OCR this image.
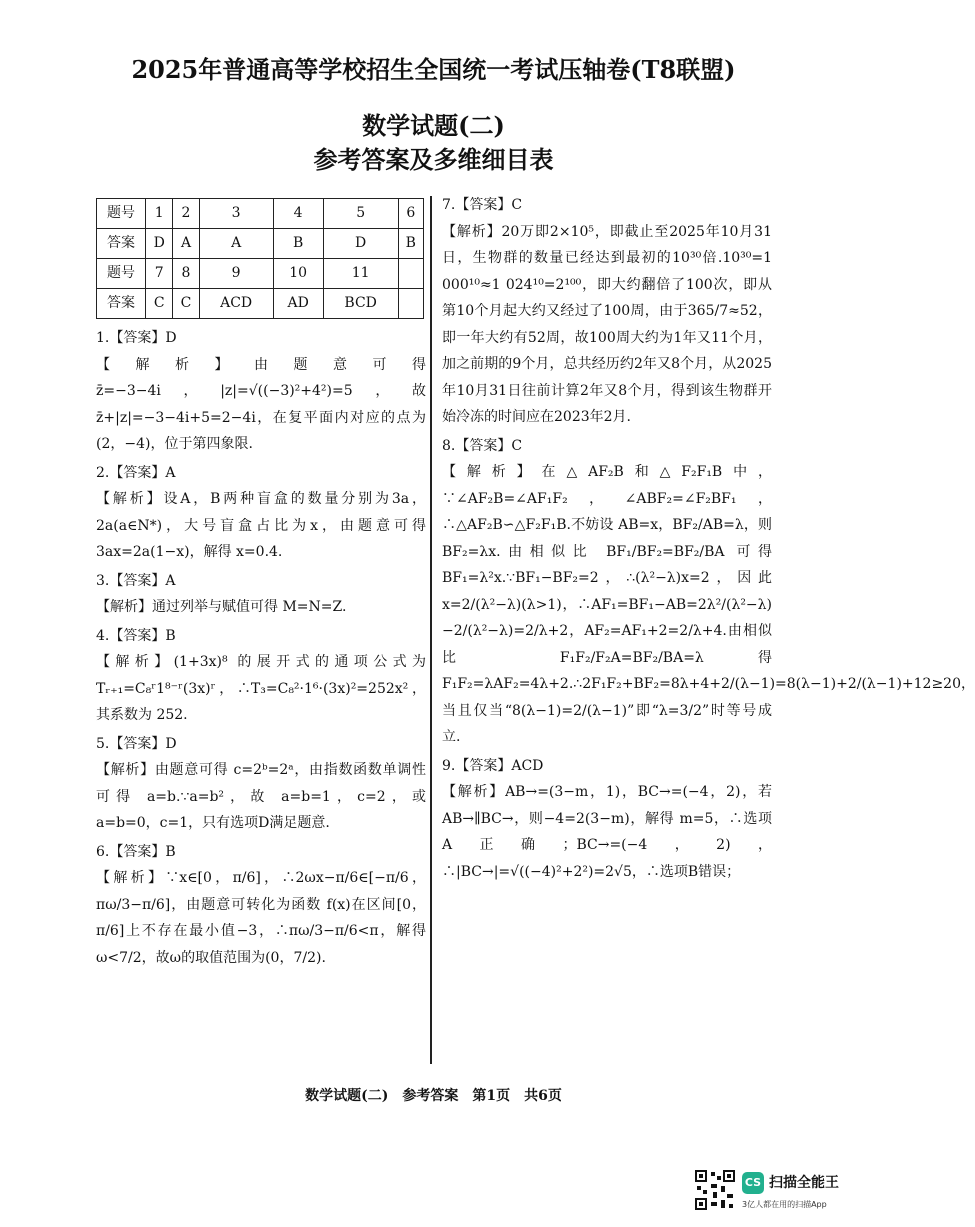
2025年普通高等学校招生全国统一考试压轴卷(T8联盟)
数学试题(二)
参考答案及多维细目表
题号	1	2	3	4	5	6
答案	D	A	A	B	D	B
题号	7	8	9	10	11	
答案	C	C	ACD	AD	BCD	
1.【答案】D
【解析】由题意可得 z̄=−3−4i，|z|=√((−3)²+4²)=5，故 z̄+|z|=−3−4i+5=2−4i，在复平面内对应的点为(2，−4)，位于第四象限.
2.【答案】A
【解析】设A，B两种盲盒的数量分别为3a，2a(a∈N*)，大号盲盒占比为x，由题意可得 3ax=2a(1−x)，解得 x=0.4.
3.【答案】A
【解析】通过列举与赋值可得 M=N=Z.
4.【答案】B
【解析】(1+3x)⁸ 的展开式的通项公式为 Tᵣ₊₁=C₈ʳ1⁸⁻ʳ(3x)ʳ，∴T₃=C₈²·1⁶·(3x)²=252x²，其系数为 252.
5.【答案】D
【解析】由题意可得 c=2ᵇ=2ᵃ，由指数函数单调性可得 a=b.∵a=b²，故 a=b=1，c=2，或 a=b=0，c=1，只有选项D满足题意.
6.【答案】B
【解析】∵x∈[0，π/6]，∴2ωx−π/6∈[−π/6，πω/3−π/6]，由题意可转化为函数 f(x)在区间[0，π/6]上不存在最小值−3，∴πω/3−π/6<π，解得 ω<7/2，故ω的取值范围为(0，7/2).
7.【答案】C
【解析】20万即2×10⁵，即截止至2025年10月31日，生物群的数量已经达到最初的10³⁰倍.10³⁰=1 000¹⁰≈1 024¹⁰=2¹⁰⁰，即大约翻倍了100次，即从第10个月起大约又经过了100周，由于365/7≈52，即一年大约有52周，故100周大约为1年又11个月，加之前期的9个月，总共经历约2年又8个月，从2025年10月31日往前计算2年又8个月，得到该生物群开始冷冻的时间应在2023年2月.
8.【答案】C
【解析】在△AF₂B和△F₂F₁B中，∵∠AF₂B=∠AF₁F₂，∠ABF₂=∠F₂BF₁，∴△AF₂B∽△F₂F₁B.不妨设 AB=x，BF₂/AB=λ，则 BF₂=λx.由相似比 BF₁/BF₂=BF₂/BA 可得 BF₁=λ²x.∵BF₁−BF₂=2，∴(λ²−λ)x=2，因此 x=2/(λ²−λ)(λ>1)，∴AF₁=BF₁−AB=2λ²/(λ²−λ)−2/(λ²−λ)=2/λ+2，AF₂=AF₁+2=2/λ+4.由相似比 F₁F₂/F₂A=BF₂/BA=λ 得 F₁F₂=λAF₂=4λ+2.∴2F₁F₂+BF₂=8λ+4+2/(λ−1)=8(λ−1)+2/(λ−1)+12≥20，当且仅当“8(λ−1)=2/(λ−1)”即“λ=3/2”时等号成立.
9.【答案】ACD
【解析】AB→=(3−m，1)，BC→=(−4，2)，若 AB→∥BC→，则−4=2(3−m)，解得 m=5，∴选项A正确；BC→=(−4，2)，∴|BC→|=√((−4)²+2²)=2√5，∴选项B错误；
数学试题(二)　参考答案　第1页　共6页
CS 扫描全能王
3亿人都在用的扫描App
